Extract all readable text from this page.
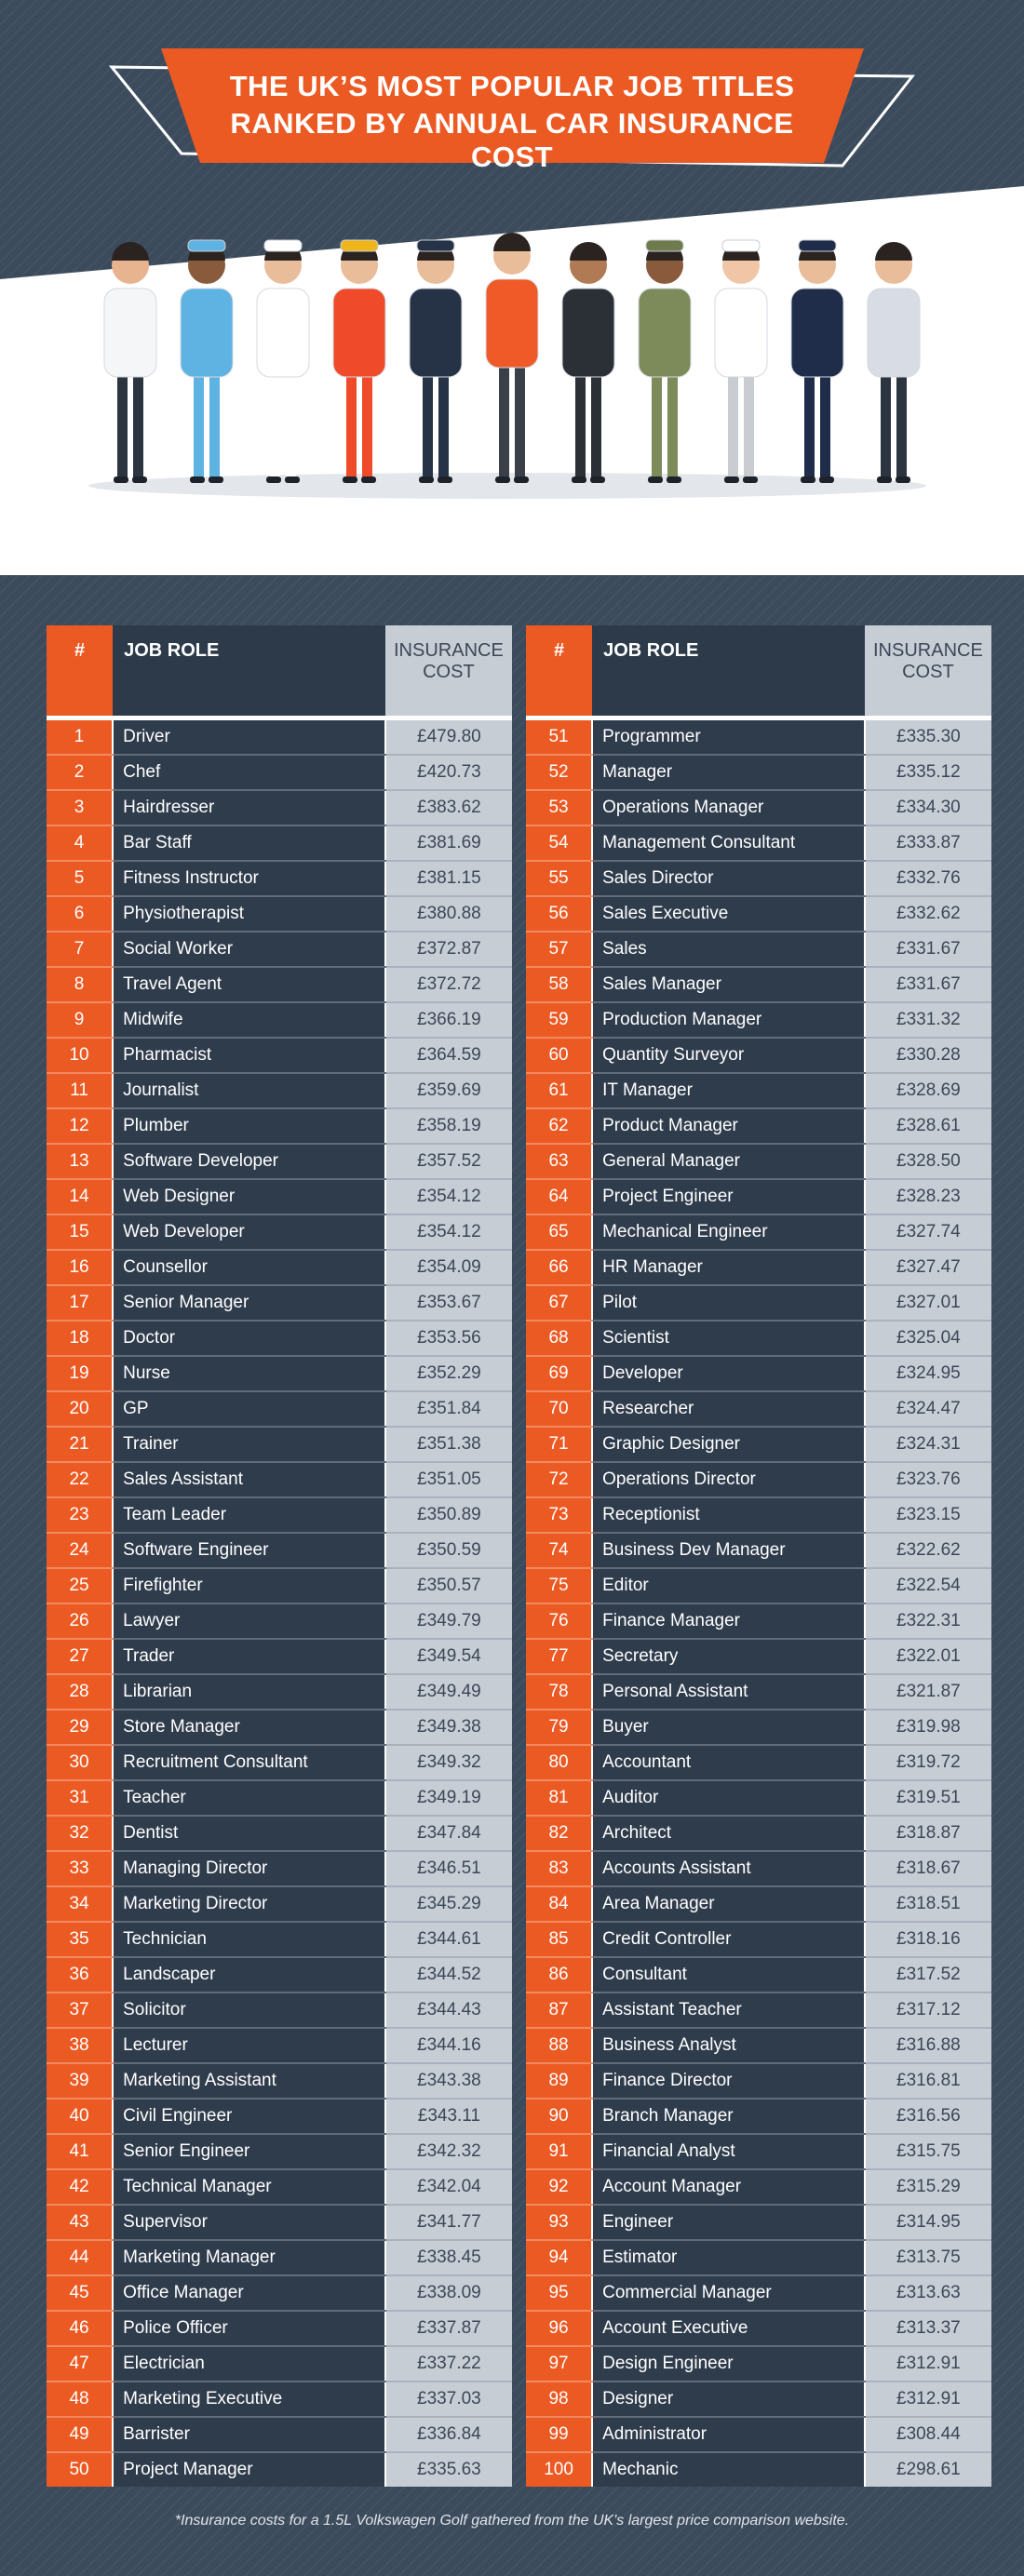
THE UK’S MOST POPULAR JOB TITLES
RANKED BY ANNUAL CAR INSURANCE COST
#	JOB ROLE	INSURANCE
COST
1	Driver	£479.80
2	Chef	£420.73
3	Hairdresser	£383.62
4	Bar Staff	£381.69
5	Fitness Instructor	£381.15
6	Physiotherapist	£380.88
7	Social Worker	£372.87
8	Travel Agent	£372.72
9	Midwife	£366.19
10	Pharmacist	£364.59
11	Journalist	£359.69
12	Plumber	£358.19
13	Software Developer	£357.52
14	Web Designer	£354.12
15	Web Developer	£354.12
16	Counsellor	£354.09
17	Senior Manager	£353.67
18	Doctor	£353.56
19	Nurse	£352.29
20	GP	£351.84
21	Trainer	£351.38
22	Sales Assistant	£351.05
23	Team Leader	£350.89
24	Software Engineer	£350.59
25	Firefighter	£350.57
26	Lawyer	£349.79
27	Trader	£349.54
28	Librarian	£349.49
29	Store Manager	£349.38
30	Recruitment Consultant	£349.32
31	Teacher	£349.19
32	Dentist	£347.84
33	Managing Director	£346.51
34	Marketing Director	£345.29
35	Technician	£344.61
36	Landscaper	£344.52
37	Solicitor	£344.43
38	Lecturer	£344.16
39	Marketing Assistant	£343.38
40	Civil Engineer	£343.11
41	Senior Engineer	£342.32
42	Technical Manager	£342.04
43	Supervisor	£341.77
44	Marketing Manager	£338.45
45	Office Manager	£338.09
46	Police Officer	£337.87
47	Electrician	£337.22
48	Marketing Executive	£337.03
49	Barrister	£336.84
50	Project Manager	£335.63
#	JOB ROLE	INSURANCE
COST
51	Programmer	£335.30
52	Manager	£335.12
53	Operations Manager	£334.30
54	Management Consultant	£333.87
55	Sales Director	£332.76
56	Sales Executive	£332.62
57	Sales	£331.67
58	Sales Manager	£331.67
59	Production Manager	£331.32
60	Quantity Surveyor	£330.28
61	IT Manager	£328.69
62	Product Manager	£328.61
63	General Manager	£328.50
64	Project Engineer	£328.23
65	Mechanical Engineer	£327.74
66	HR Manager	£327.47
67	Pilot	£327.01
68	Scientist	£325.04
69	Developer	£324.95
70	Researcher	£324.47
71	Graphic Designer	£324.31
72	Operations Director	£323.76
73	Receptionist	£323.15
74	Business Dev Manager	£322.62
75	Editor	£322.54
76	Finance Manager	£322.31
77	Secretary	£322.01
78	Personal Assistant	£321.87
79	Buyer	£319.98
80	Accountant	£319.72
81	Auditor	£319.51
82	Architect	£318.87
83	Accounts Assistant	£318.67
84	Area Manager	£318.51
85	Credit Controller	£318.16
86	Consultant	£317.52
87	Assistant Teacher	£317.12
88	Business Analyst	£316.88
89	Finance Director	£316.81
90	Branch Manager	£316.56
91	Financial Analyst	£315.75
92	Account Manager	£315.29
93	Engineer	£314.95
94	Estimator	£313.75
95	Commercial Manager	£313.63
96	Account Executive	£313.37
97	Design Engineer	£312.91
98	Designer	£312.91
99	Administrator	£308.44
100	Mechanic	£298.61
*Insurance costs for a 1.5L Volkswagen Golf gathered from the UK's largest price comparison website.
